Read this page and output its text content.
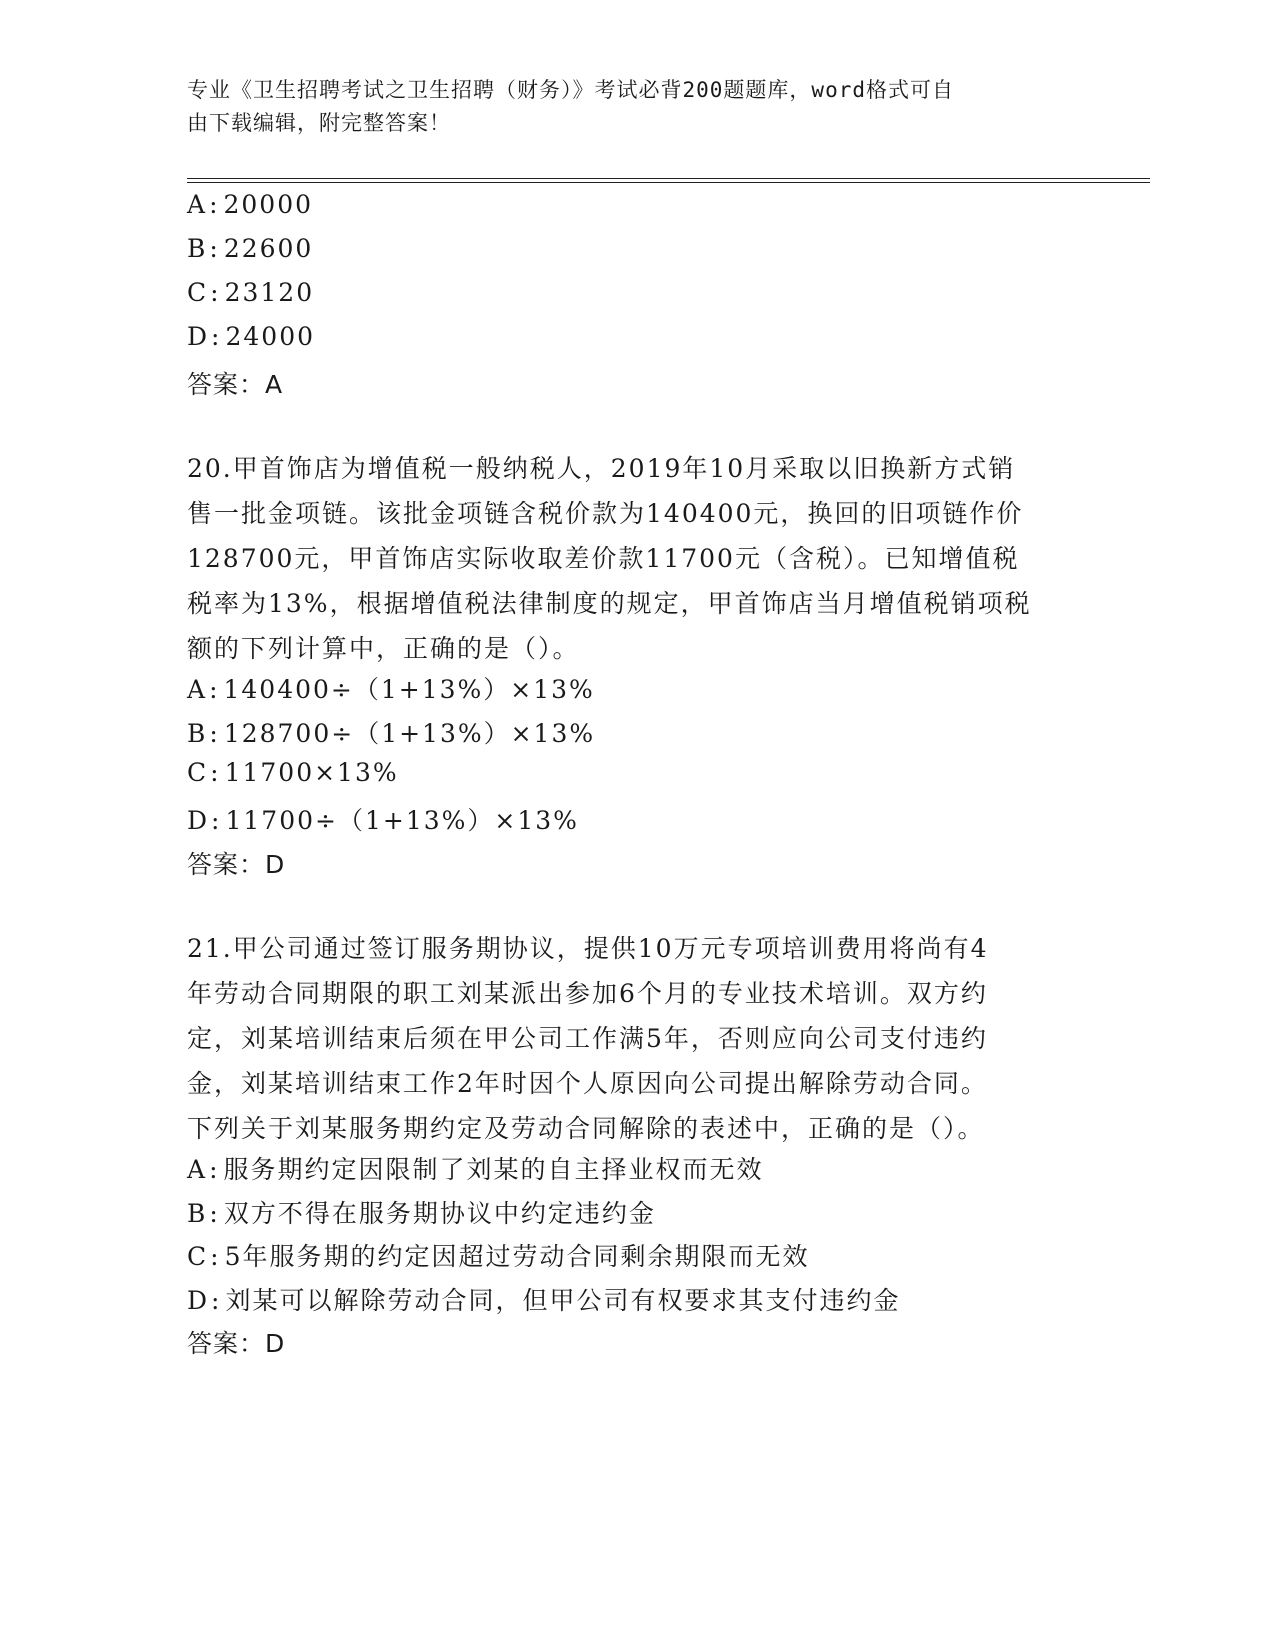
专业《卫生招聘考试之卫生招聘（财务）》考试必背200题题库，word格式可自
由下载编辑，附完整答案！
A: 20000
B: 22600
C: 23120
D: 24000
答案：A
20.甲首饰店为增值税一般纳税人，2019年10月采取以旧换新方式销
售一批金项链。该批金项链含税价款为140400元，换回的旧项链作价
128700元，甲首饰店实际收取差价款11700元（含税）。已知增值税
税率为13%，根据增值税法律制度的规定，甲首饰店当月增值税销项税
额的下列计算中，正确的是（）。
A: 140400÷（1+13%）×13%
B: 128700÷（1+13%）×13%
C: 11700×13%
D: 11700÷（1+13%）×13%
答案：D
21.甲公司通过签订服务期协议，提供10万元专项培训费用将尚有4
年劳动合同期限的职工刘某派出参加6个月的专业技术培训。双方约
定，刘某培训结束后须在甲公司工作满5年，否则应向公司支付违约
金，刘某培训结束工作2年时因个人原因向公司提出解除劳动合同。
下列关于刘某服务期约定及劳动合同解除的表述中，正确的是（）。
A: 服务期约定因限制了刘某的自主择业权而无效
B: 双方不得在服务期协议中约定违约金
C: 5年服务期的约定因超过劳动合同剩余期限而无效
D: 刘某可以解除劳动合同，但甲公司有权要求其支付违约金
答案：D
